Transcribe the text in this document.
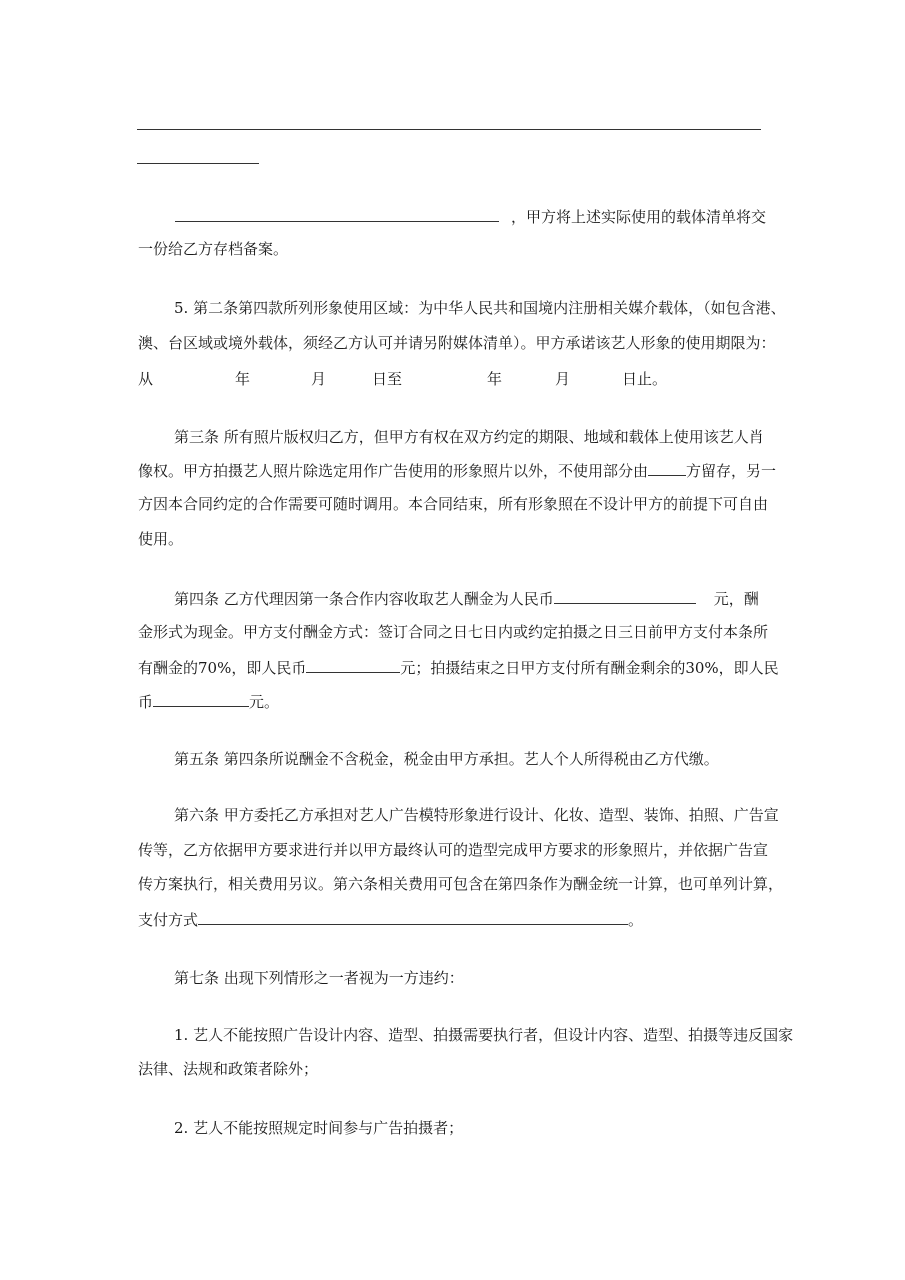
，甲方将上述实际使用的载体清单将交
一份给乙方存档备案。
5. 第二条第四款所列形象使用区域：为中华人民共和国境内注册相关媒介载体，（如包含港、
澳、台区域或境外载体，须经乙方认可并请另附媒体清单）。甲方承诺该艺人形象的使用期限为：
从	年	月	日至	年	月	日止。
第三条 所有照片版权归乙方，但甲方有权在双方约定的期限、地域和载体上使用该艺人肖
像权。甲方拍摄艺人照片除选定用作广告使用的形象照片以外，不使用部分由	方留存，另一
方因本合同约定的合作需要可随时调用。本合同结束，所有形象照在不设计甲方的前提下可自由
使用。
第四条 乙方代理因第一条合作内容收取艺人酬金为人民币	元，酬
金形式为现金。甲方支付酬金方式：签订合同之日七日内或约定拍摄之日三日前甲方支付本条所
有酬金的70%，即人民币	元；拍摄结束之日甲方支付所有酬金剩余的30%，即人民
币	元。
第五条 第四条所说酬金不含税金，税金由甲方承担。艺人个人所得税由乙方代缴。
第六条 甲方委托乙方承担对艺人广告模特形象进行设计、化妆、造型、装饰、拍照、广告宣
传等，乙方依据甲方要求进行并以甲方最终认可的造型完成甲方要求的形象照片，并依据广告宣
传方案执行，相关费用另议。第六条相关费用可包含在第四条作为酬金统一计算，也可单列计算，
支付方式	。
第七条 出现下列情形之一者视为一方违约：
1. 艺人不能按照广告设计内容、造型、拍摄需要执行者，但设计内容、造型、拍摄等违反国家
法律、法规和政策者除外；
2. 艺人不能按照规定时间参与广告拍摄者；
